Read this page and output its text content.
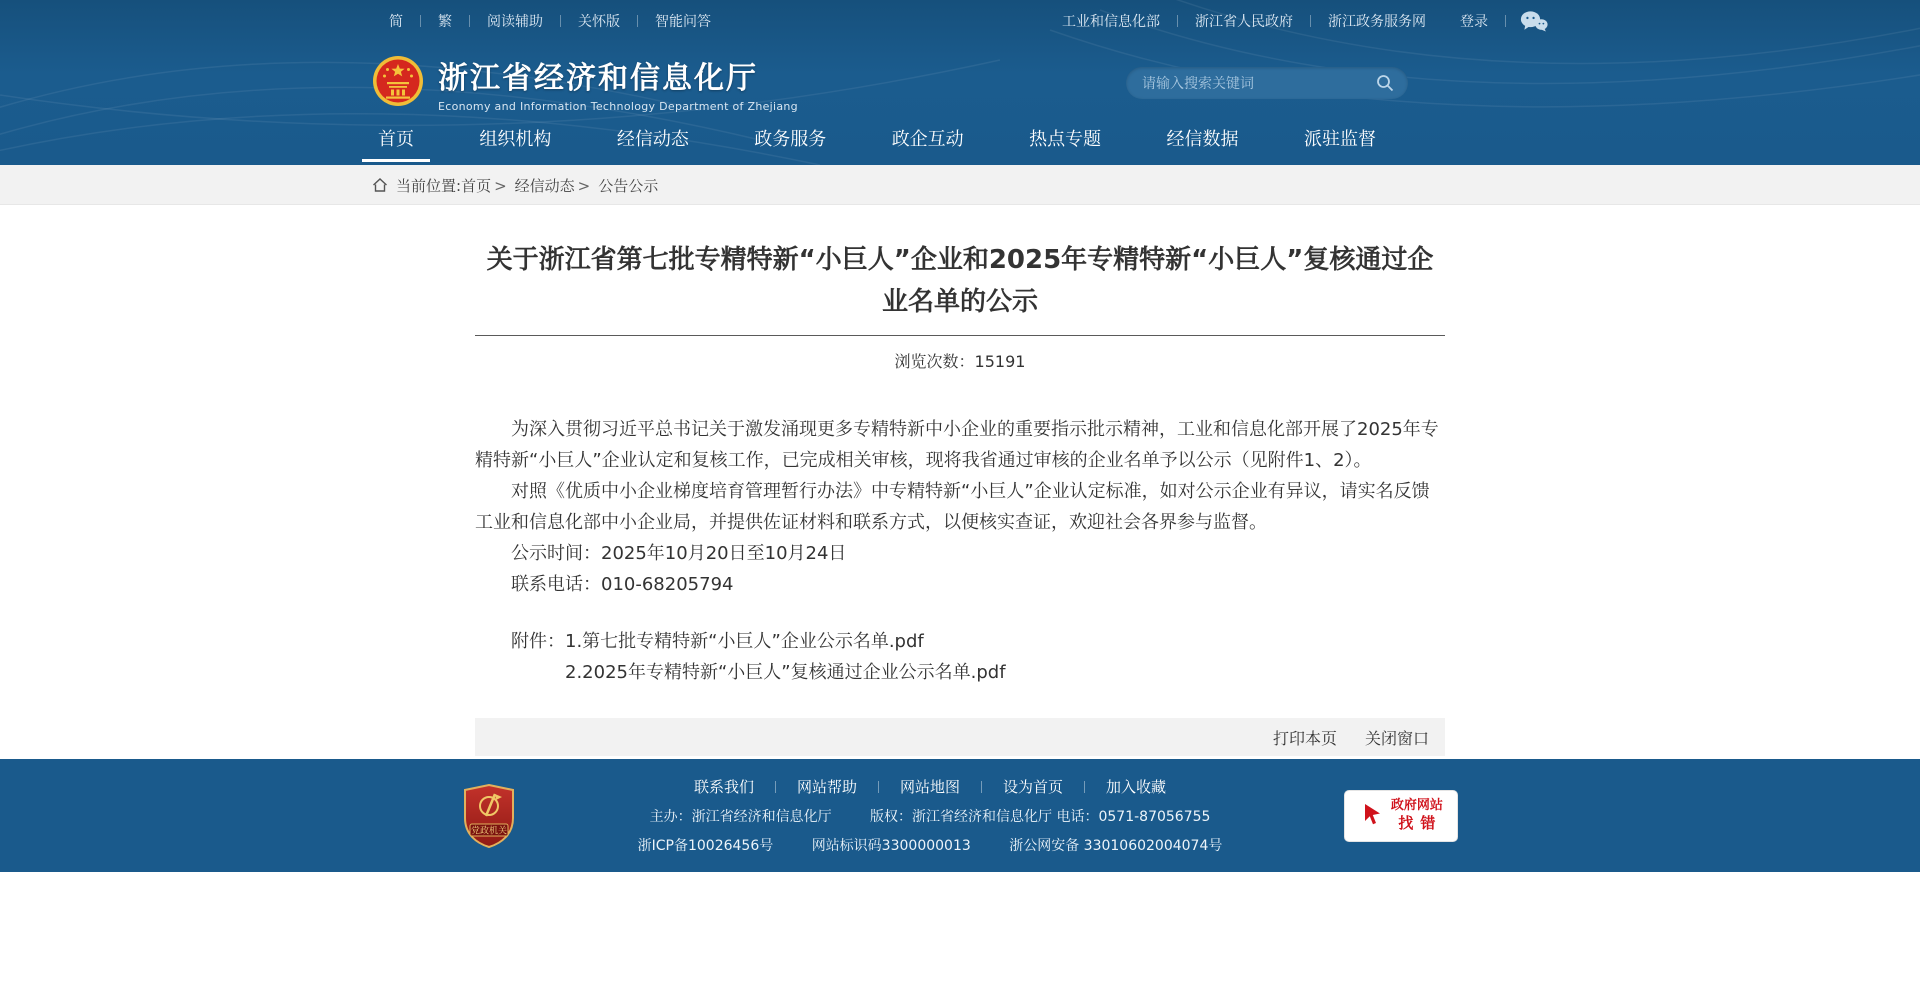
简	繁	阅读辅助	关怀版	智能问答	工业和信息化部	浙江省人民政府	浙江政务服务网	登录
浙江省经济和信息化厅
Economy and Information Technology Department of Zhejiang
请输入搜索关键词
首页	组织机构	经信动态	政务服务	政企互动	热点专题	经信数据	派驻监督
当前位置: 首页	> 经信动态	> 公告公示
关于浙江省第七批专精特新“小巨人”企业和2025年专精特新“小巨人”复核通过企业名单的公示
浏览次数：15191

为深入贯彻习近平总书记关于激发涌现更多专精特新中小企业的重要指示批示精神，工业和信息化部开展了2025年专精特新“小巨人”企业认定和复核工作，已完成相关审核，现将我省通过审核的企业名单予以公示（见附件1、2）。

对照《优质中小企业梯度培育管理暂行办法》中专精特新“小巨人”企业认定标准，如对公示企业有异议，请实名反馈工业和信息化部中小企业局，并提供佐证材料和联系方式，以便核实查证，欢迎社会各界参与监督。

公示时间：2025年10月20日至10月24日

联系电话：010-68205794

附件：1.第七批专精特新“小巨人”企业公示名单.pdf
2.2025年专精特新“小巨人”复核通过企业公示名单.pdf
打印本页 关闭窗口
党政机关
联系我们	网站帮助	网站地图	设为首页	加入收藏
主办：浙江省经济和信息化厅	版权：浙江省经济和信息化厅 电话：0571-87056755
浙ICP备10026456号	网站标识码3300000013	浙公网安备 33010602004074号
政府网站
找错
